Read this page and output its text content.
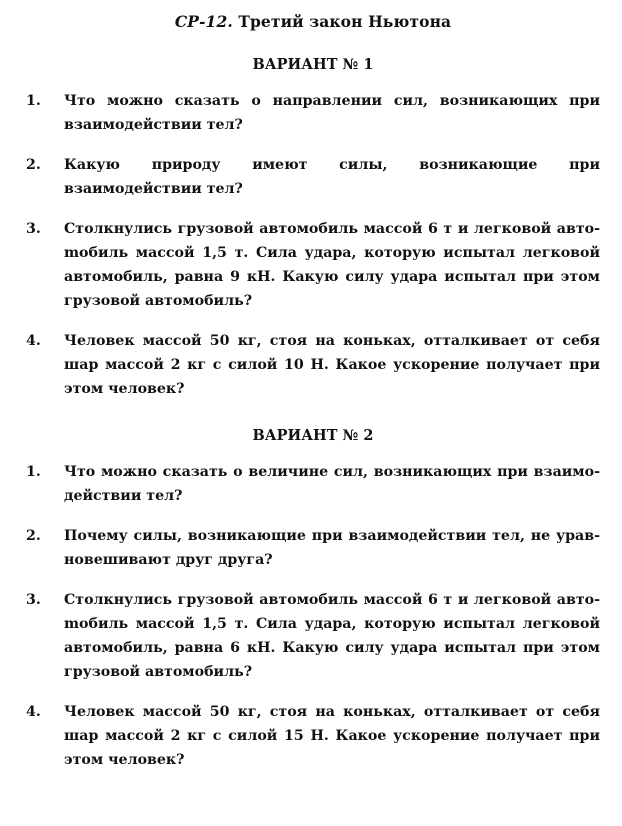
СР-12. Третий закон Ньютона
ВАРИАНТ № 1
1.	Что можно сказать о направлении сил, возникающих при взаимодействии тел?
2.	Какую природу имеют силы, возникающие при взаимодействии тел?
3.	Столкнулись грузовой автомобиль массой 6 т и легковой автоmобиль массой 1,5 т. Сила удара, которую испытал легковой автомобиль, равна 9 кН. Какую силу удара испытал при этом грузовой автомобиль?
4.	Человек массой 50 кг, стоя на коньках, отталкивает от себя шар массой 2 кг с силой 10 Н. Какое ускорение получает при этом человек?
ВАРИАНТ № 2
1.	Что можно сказать о величине сил, возникающих при взаимодействии тел?
2.	Почему силы, возникающие при взаимодействии тел, не уравновешивают друг друга?
3.	Столкнулись грузовой автомобиль массой 6 т и легковой автоmобиль массой 1,5 т. Сила удара, которую испытал легковой автомобиль, равна 6 кН. Какую силу удара испытал при этом грузовой автомобиль?
4.	Человек массой 50 кг, стоя на коньках, отталкивает от себя шар массой 2 кг с силой 15 Н. Какое ускорение получает при этом человек?
